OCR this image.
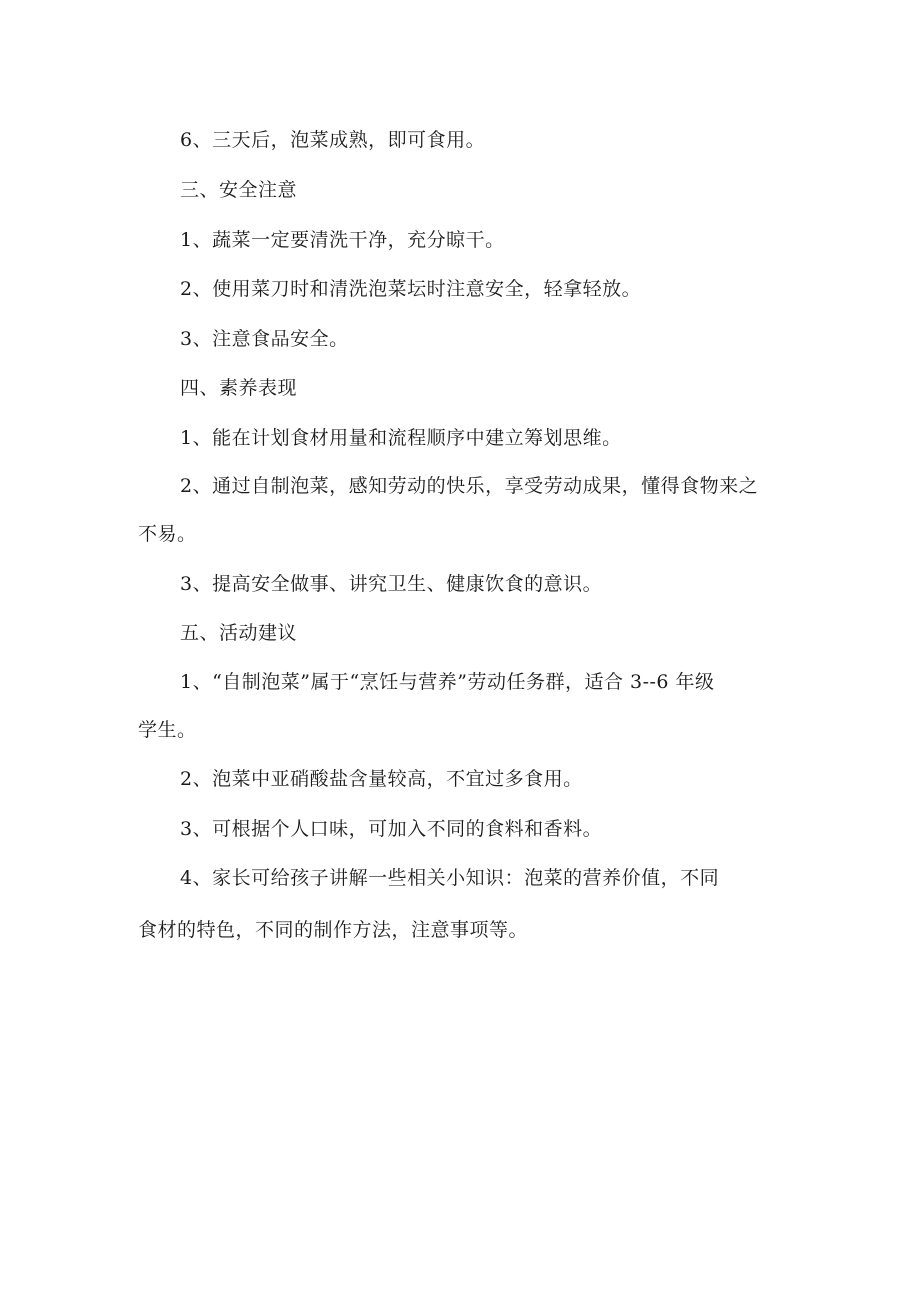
6、三天后，泡菜成熟，即可食用。
三、安全注意
1、蔬菜一定要清洗干净，充分晾干。
2、使用菜刀时和清洗泡菜坛时注意安全，轻拿轻放。
3、注意食品安全。
四、素养表现
1、能在计划食材用量和流程顺序中建立筹划思维。
2、通过自制泡菜，感知劳动的快乐，享受劳动成果，懂得食物来之
不易。
3、提高安全做事、讲究卫生、健康饮食的意识。
五、活动建议
1、“自制泡菜”属于“烹饪与营养”劳动任务群，适合 3--6 年级
学生。
2、泡菜中亚硝酸盐含量较高，不宜过多食用。
3、可根据个人口味，可加入不同的食料和香料。
4、家长可给孩子讲解一些相关小知识：泡菜的营养价值，不同
食材的特色，不同的制作方法，注意事项等。
